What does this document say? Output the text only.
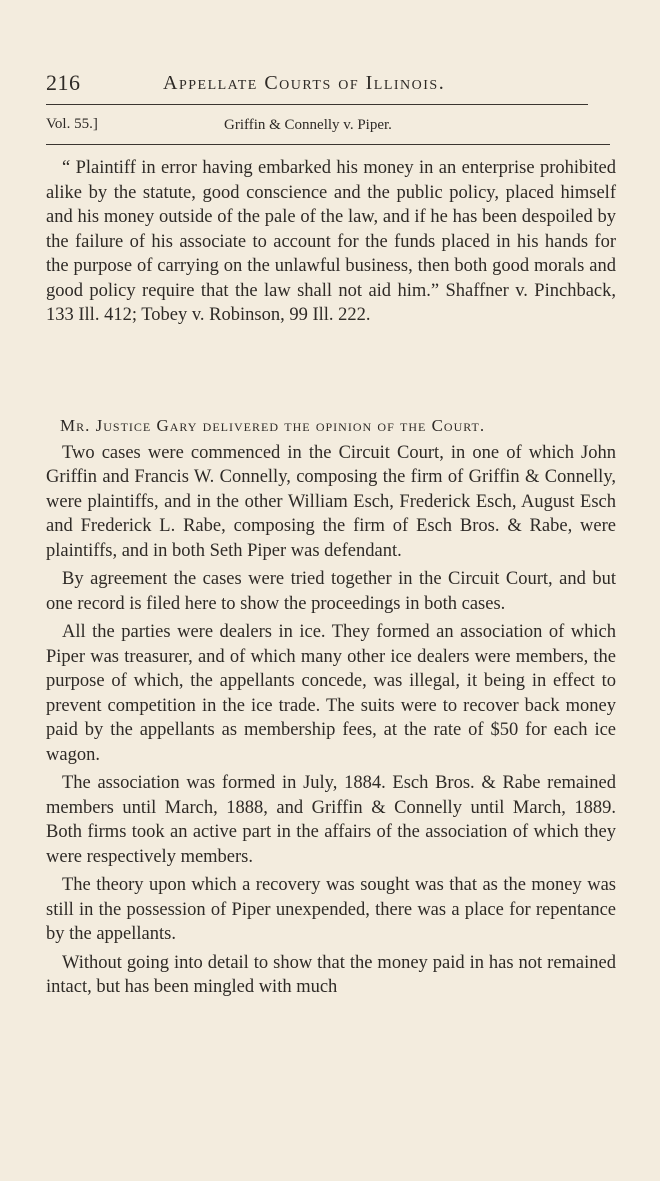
216	Appellate Courts of Illinois.
Vol. 55.]	Griffin & Connelly v. Piper.

“ Plaintiff in error having embarked his money in an enterprise prohibited alike by the statute, good conscience and the public policy, placed himself and his money outside of the pale of the law, and if he has been despoiled by the failure of his associate to account for the funds placed in his hands for the purpose of carrying on the unlawful business, then both good morals and good policy require that the law shall not aid him.” Shaffner v. Pinchback, 133 Ill. 412; Tobey v. Robinson, 99 Ill. 222.

Mr. Justice Gary delivered the opinion of the Court.

Two cases were commenced in the Circuit Court, in one of which John Griffin and Francis W. Connelly, composing the firm of Griffin & Connelly, were plaintiffs, and in the other William Esch, Frederick Esch, August Esch and Frederick L. Rabe, composing the firm of Esch Bros. & Rabe, were plaintiffs, and in both Seth Piper was defendant.

By agreement the cases were tried together in the Circuit Court, and but one record is filed here to show the proceedings in both cases.

All the parties were dealers in ice. They formed an association of which Piper was treasurer, and of which many other ice dealers were members, the purpose of which, the appellants concede, was illegal, it being in effect to prevent competition in the ice trade. The suits were to recover back money paid by the appellants as membership fees, at the rate of $50 for each ice wagon.

The association was formed in July, 1884. Esch Bros. & Rabe remained members until March, 1888, and Griffin & Connelly until March, 1889. Both firms took an active part in the affairs of the association of which they were respectively members.

The theory upon which a recovery was sought was that as the money was still in the possession of Piper unexpended, there was a place for repentance by the appellants.

Without going into detail to show that the money paid in has not remained intact, but has been mingled with much
